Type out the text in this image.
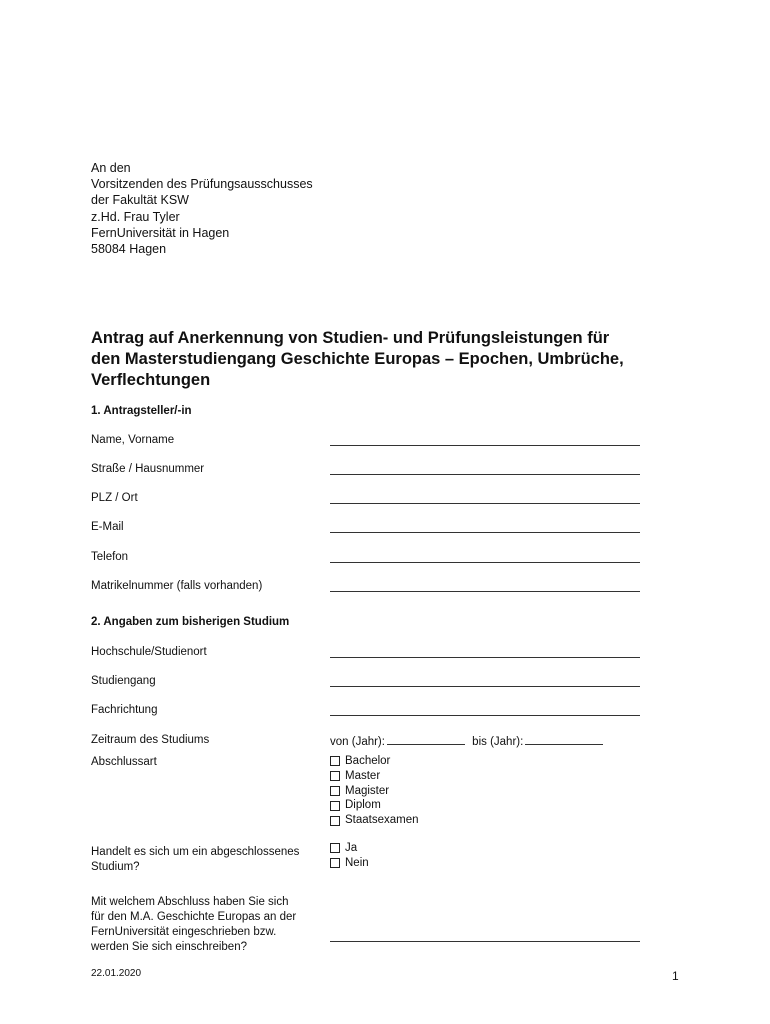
An den
Vorsitzenden des Prüfungsausschusses
der Fakultät KSW
z.Hd. Frau Tyler
FernUniversität in Hagen
58084 Hagen
Antrag auf Anerkennung von Studien- und Prüfungsleistungen für
den Masterstudiengang Geschichte Europas – Epochen, Umbrüche,
Verflechtungen
1. Antragsteller/-in
Name, Vorname
Straße / Hausnummer
PLZ / Ort
E-Mail
Telefon
Matrikelnummer (falls vorhanden)
2. Angaben zum bisherigen Studium
Hochschule/Studienort
Studiengang
Fachrichtung
Zeitraum des Studiums	von (Jahr):	bis (Jahr):
Abschlussart	Bachelor
Master
Magister
Diplom
Staatsexamen
Handelt es sich um ein abgeschlossenes
Studium?
Ja
Nein
Mit welchem Abschluss haben Sie sich
für den M.A. Geschichte Europas an der
FernUniversität eingeschrieben bzw.
werden Sie sich einschreiben?
22.01.2020	1
